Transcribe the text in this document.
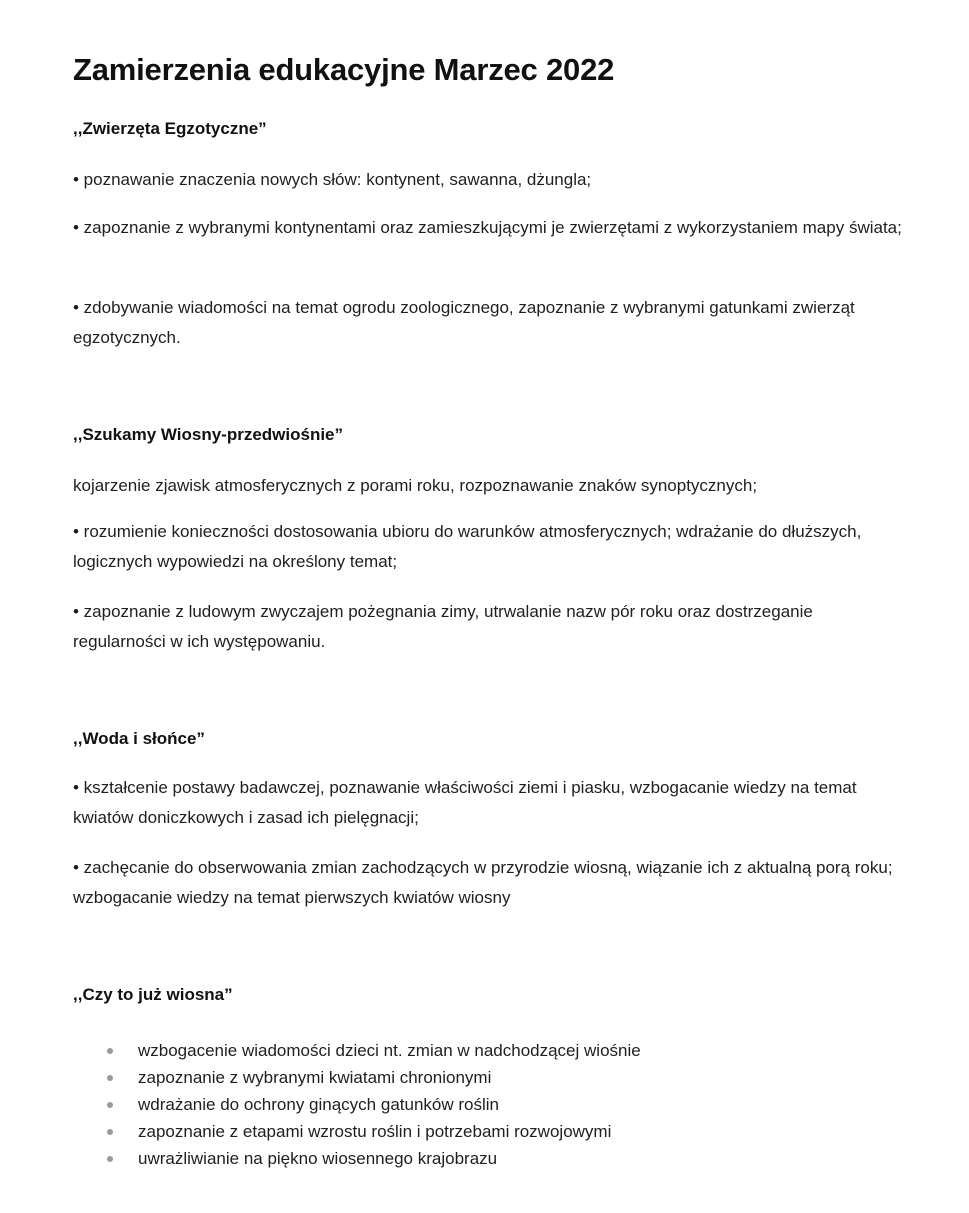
Zamierzenia edukacyjne Marzec 2022
,,Zwierzęta Egzotyczne”

• poznawanie znaczenia nowych słów: kontynent, sawanna, dżungla;

• zapoznanie z wybranymi kontynentami oraz zamieszkującymi je zwierzętami z wykorzystaniem mapy świata;

• zdobywanie wiadomości na temat ogrodu zoologicznego, zapoznanie z wybranymi gatunkami zwierząt egzotycznych.

,,Szukamy Wiosny-przedwiośnie”

kojarzenie zjawisk atmosferycznych z porami roku, rozpoznawanie znaków synoptycznych;

• rozumienie konieczności dostosowania ubioru do warunków atmosferycznych; wdrażanie do dłuższych, logicznych wypowiedzi na określony temat;

• zapoznanie z ludowym zwyczajem pożegnania zimy, utrwalanie nazw pór roku oraz dostrzeganie regularności w ich występowaniu.

,,Woda i słońce”

• kształcenie postawy badawczej, poznawanie właściwości ziemi i piasku, wzbogacanie wiedzy na temat kwiatów doniczkowych i zasad ich pielęgnacji;

• zachęcanie do obserwowania zmian zachodzących w przyrodzie wiosną, wiązanie ich z aktualną porą roku; wzbogacanie wiedzy na temat pierwszych kwiatów wiosny

,,Czy to już wiosna”
wzbogacenie wiadomości dzieci nt. zmian w nadchodzącej wiośnie
zapoznanie z wybranymi kwiatami chronionymi
wdrażanie do ochrony ginących gatunków roślin
zapoznanie z etapami wzrostu roślin i potrzebami rozwojowymi
uwrażliwianie na piękno wiosennego krajobrazu
